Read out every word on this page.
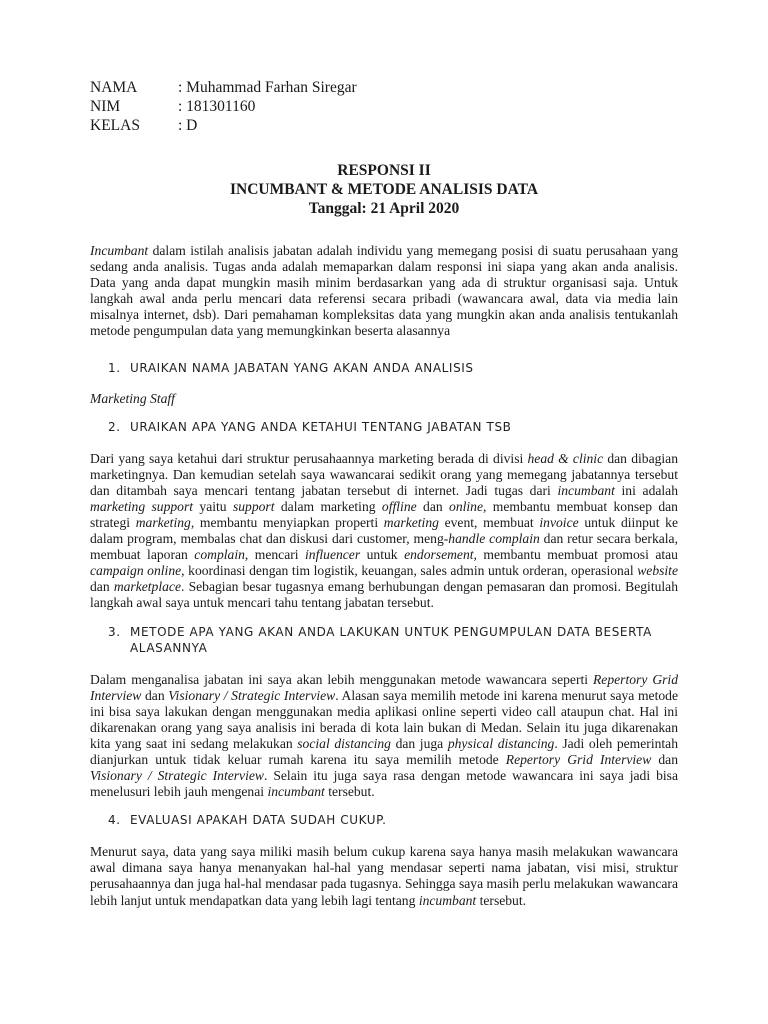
NAMA	: Muhammad Farhan Siregar
NIM	: 181301160
KELAS	: D
RESPONSI II
INCUMBANT & METODE ANALISIS DATA
Tanggal: 21 April 2020

Incumbant dalam istilah analisis jabatan adalah individu yang memegang posisi di suatu perusahaan yang sedang anda analisis. Tugas anda adalah memaparkan dalam responsi ini siapa yang akan anda analisis. Data yang anda dapat mungkin masih minim berdasarkan yang ada di struktur organisasi saja. Untuk langkah awal anda perlu mencari data referensi secara pribadi (wawancara awal, data via media lain misalnya internet, dsb). Dari pemahaman kompleksitas data yang mungkin akan anda analisis tentukanlah metode pengumpulan data yang memungkinkan beserta alasannya

1. URAIKAN NAMA JABATAN YANG AKAN ANDA ANALISIS
Marketing Staff
2. URAIKAN APA YANG ANDA KETAHUI TENTANG JABATAN TSB

Dari yang saya ketahui dari struktur perusahaannya marketing berada di divisi head & clinic dan dibagian marketingnya. Dan kemudian setelah saya wawancarai sedikit orang yang memegang jabatannya tersebut dan ditambah saya mencari tentang jabatan tersebut di internet. Jadi tugas dari incumbant ini adalah marketing support yaitu support dalam marketing offline dan online, membantu membuat konsep dan strategi marketing, membantu menyiapkan properti marketing event, membuat invoice untuk diinput ke dalam program, membalas chat dan diskusi dari customer, meng-handle complain dan retur secara berkala, membuat laporan complain, mencari influencer untuk endorsement, membantu membuat promosi atau campaign online, koordinasi dengan tim logistik, keuangan, sales admin untuk orderan, operasional website dan marketplace. Sebagian besar tugasnya emang berhubungan dengan pemasaran dan promosi. Begitulah langkah awal saya untuk mencari tahu tentang jabatan tersebut.

3. METODE APA YANG AKAN ANDA LAKUKAN UNTUK PENGUMPULAN DATA BESERTA ALASANNYA

Dalam menganalisa jabatan ini saya akan lebih menggunakan metode wawancara seperti Repertory Grid Interview dan Visionary / Strategic Interview. Alasan saya memilih metode ini karena menurut saya metode ini bisa saya lakukan dengan menggunakan media aplikasi online seperti video call ataupun chat. Hal ini dikarenakan orang yang saya analisis ini berada di kota lain bukan di Medan. Selain itu juga dikarenakan kita yang saat ini sedang melakukan social distancing dan juga physical distancing. Jadi oleh pemerintah dianjurkan untuk tidak keluar rumah karena itu saya memilih metode Repertory Grid Interview dan Visionary / Strategic Interview. Selain itu juga saya rasa dengan metode wawancara ini saya jadi bisa menelusuri lebih jauh mengenai incumbant tersebut.

4. EVALUASI APAKAH DATA SUDAH CUKUP.

Menurut saya, data yang saya miliki masih belum cukup karena saya hanya masih melakukan wawancara awal dimana saya hanya menanyakan hal-hal yang mendasar seperti nama jabatan, visi misi, struktur perusahaannya dan juga hal-hal mendasar pada tugasnya. Sehingga saya masih perlu melakukan wawancara lebih lanjut untuk mendapatkan data yang lebih lagi tentang incumbant tersebut.
